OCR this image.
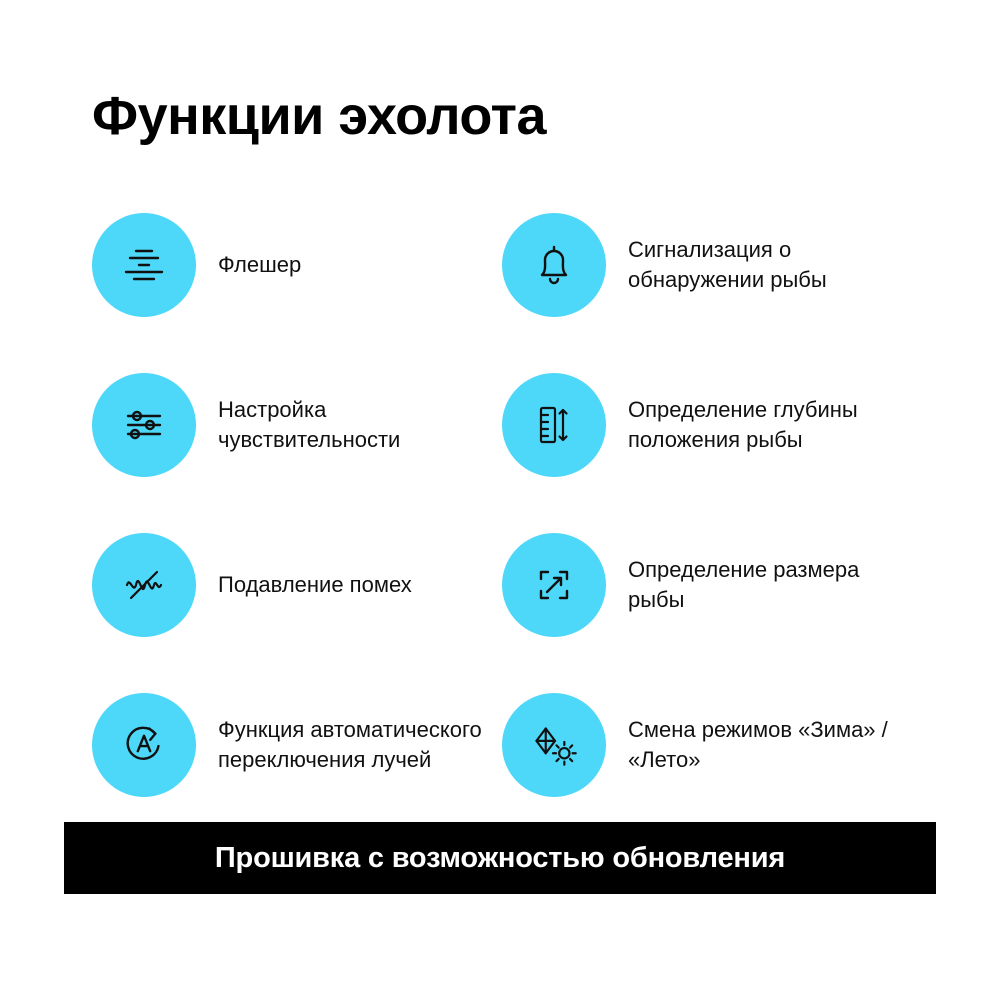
Функции эхолота
Флешер
Сигнализация о обнаружении рыбы
Настройка чувствительности
Определение глубины положения рыбы
Подавление помех
Определение размера рыбы
Функция автоматического переключения лучей
Смена режимов «Зима» / «Лето»
Прошивка с возможностью обновления
